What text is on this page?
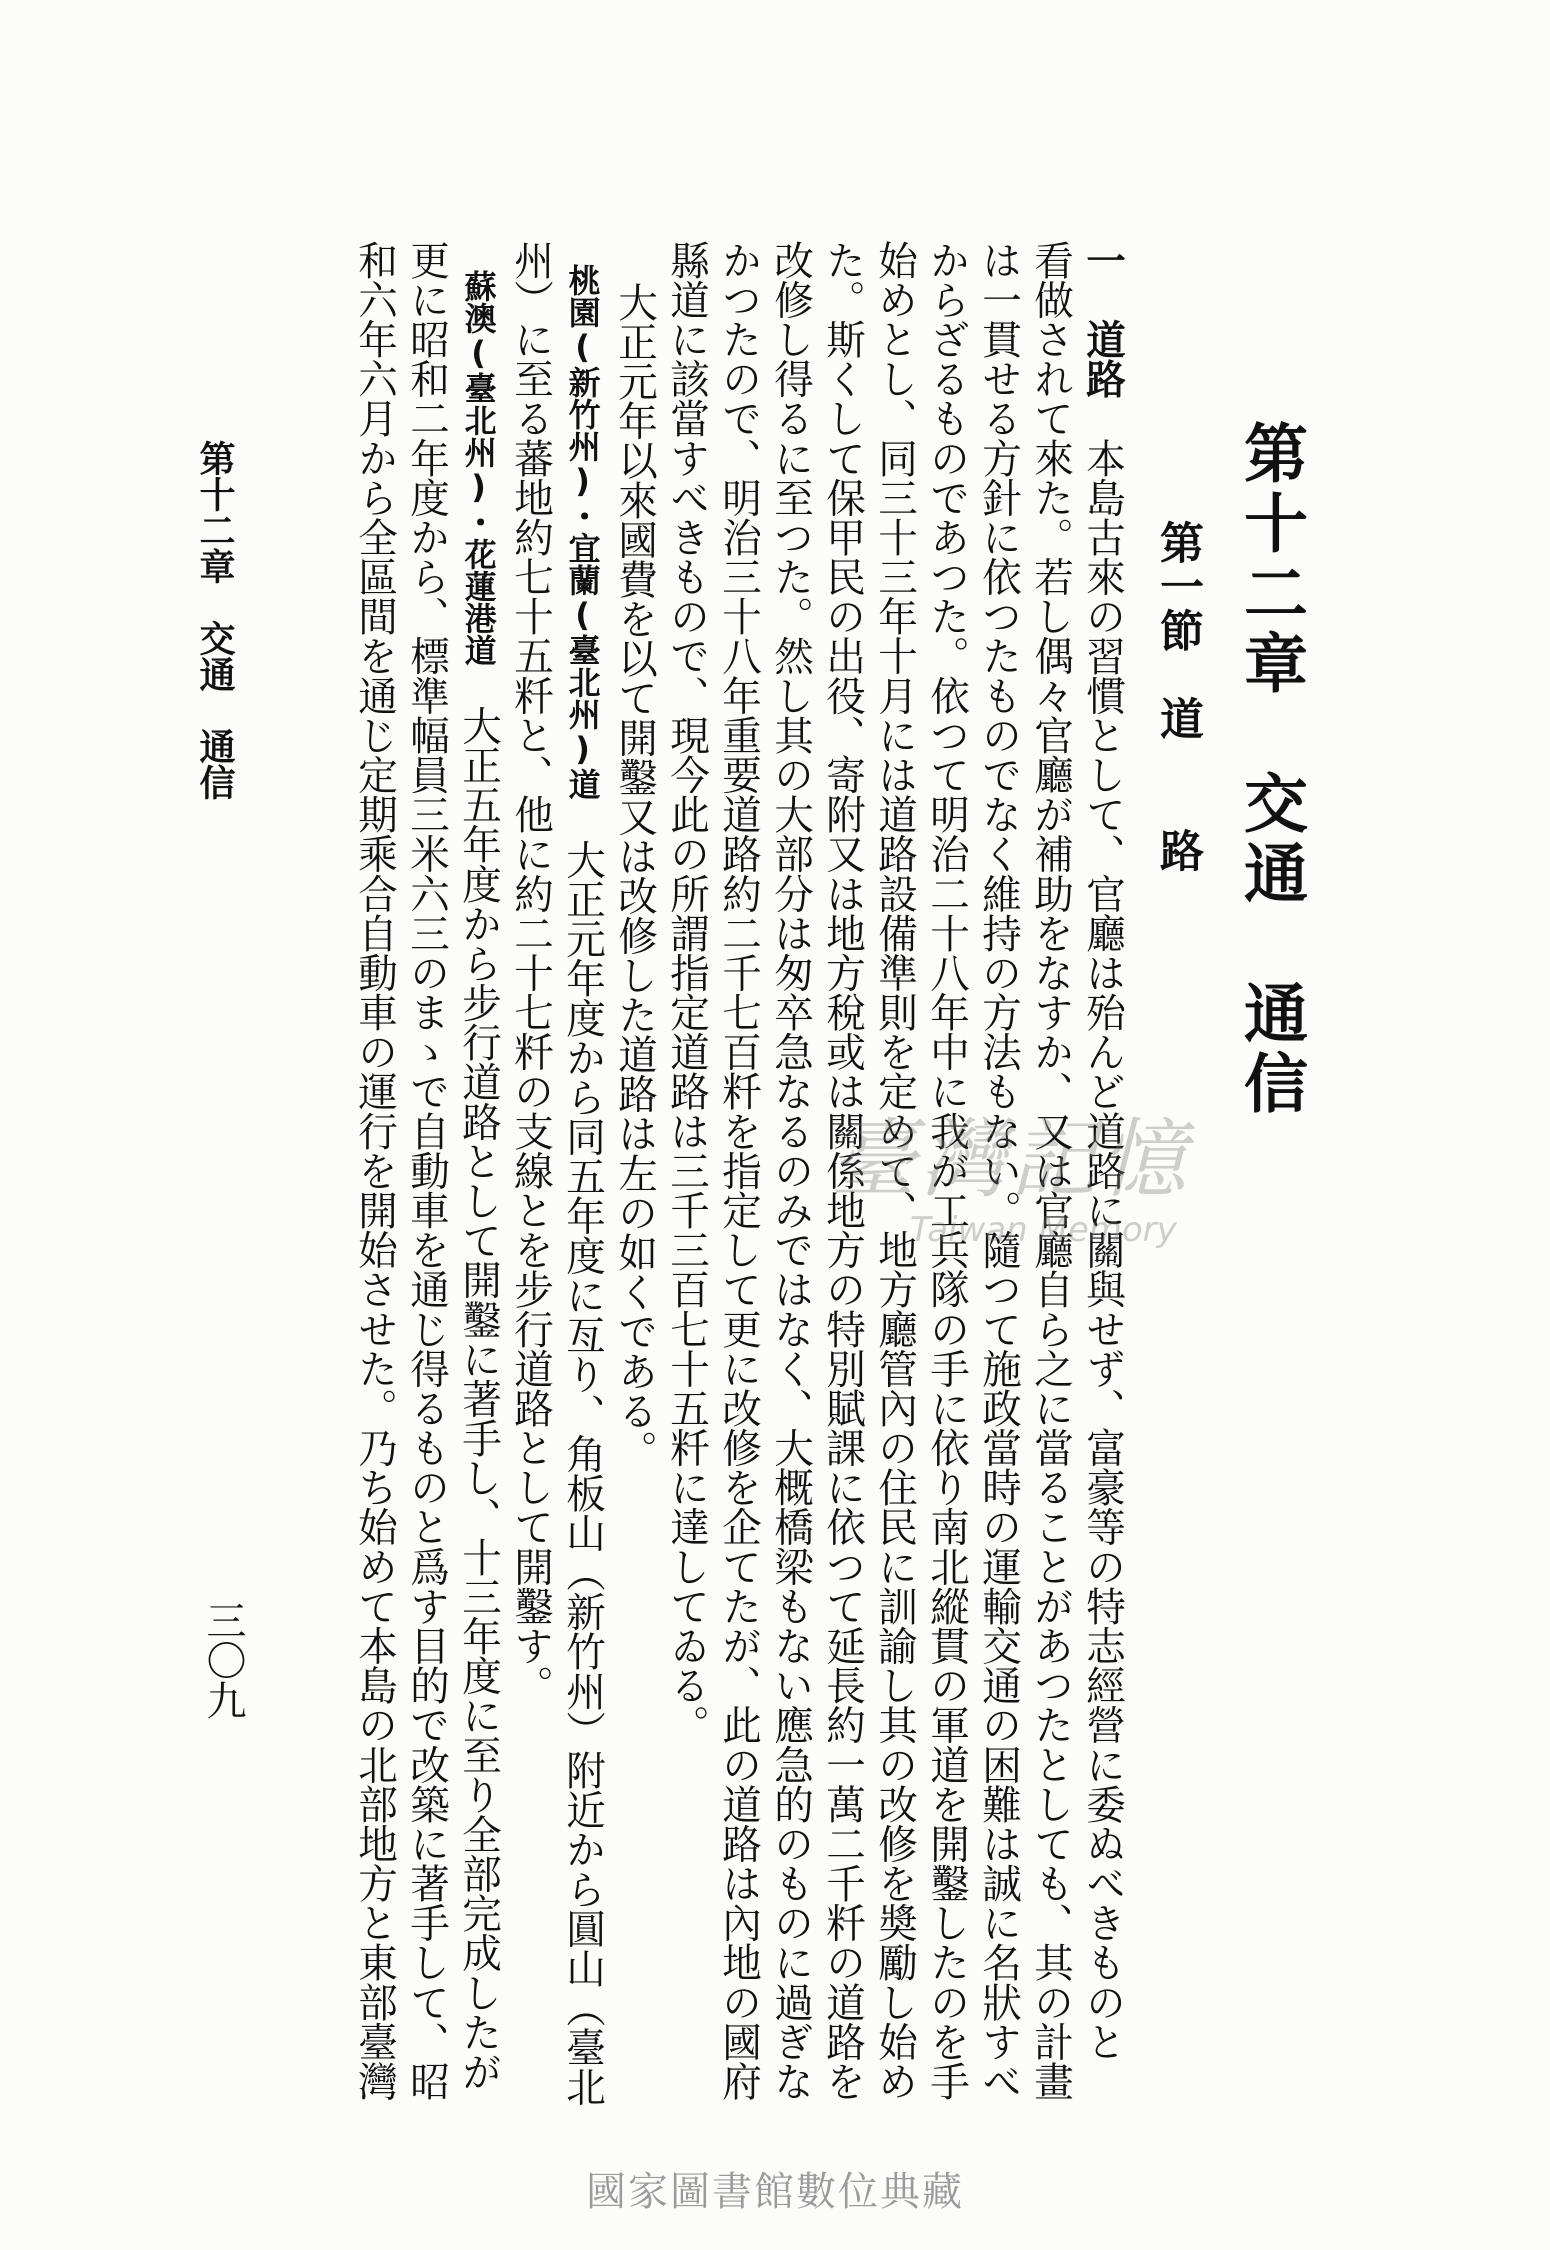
第十二章　交通　通信
第一節　道　　路
一　道路　本島古來の習慣として、官廳は殆んど道路に關與せず、富豪等の特志經營に委ぬべきものと
看做されて來た。若し偶々官廳が補助をなすか、又は官廳自ら之に當ることがあつたとしても、其の計畫
は一貫せる方針に依つたものでなく維持の方法もない。隨つて施政當時の運輸交通の困難は誠に名狀すべ
からざるものであつた。依つて明治二十八年中に我が工兵隊の手に依り南北縱貫の軍道を開鑿したのを手
始めとし、同三十三年十月には道路設備準則を定めて、地方廳管內の住民に訓諭し其の改修を奬勵し始め
た。斯くして保甲民の出役、寄附又は地方稅或は關係地方の特別賦課に依つて延長約一萬二千粁の道路を
改修し得るに至つた。然し其の大部分は匆卒急なるのみではなく、大概橋梁もない應急的のものに過ぎな
かつたので、明治三十八年重要道路約二千七百粁を指定して更に改修を企てたが、此の道路は內地の國府
縣道に該當すべきもので、現今此の所謂指定道路は三千三百七十五粁に達してゐる。
大正元年以來國費を以て開鑿又は改修した道路は左の如くである。
桃園(新竹州)・宜蘭(臺北州)道　大正元年度から同五年度に亙り、角板山（新竹州）附近から圓山（臺北
州）に至る蕃地約七十五粁と、他に約二十七粁の支線とを步行道路として開鑿す。
蘇澳(臺北州)・花蓮港道　大正五年度から步行道路として開鑿に著手し、十三年度に至り全部完成したが
更に昭和二年度から、標準幅員三米六三のまゝで自動車を通じ得るものと爲す目的で改築に著手して、昭
和六年六月から全區間を通じ定期乘合自動車の運行を開始させた。乃ち始めて本島の北部地方と東部臺灣
第十二章　交通　通信
三〇九
臺灣記憶
Taiwan Memory
國家圖書館數位典藏
